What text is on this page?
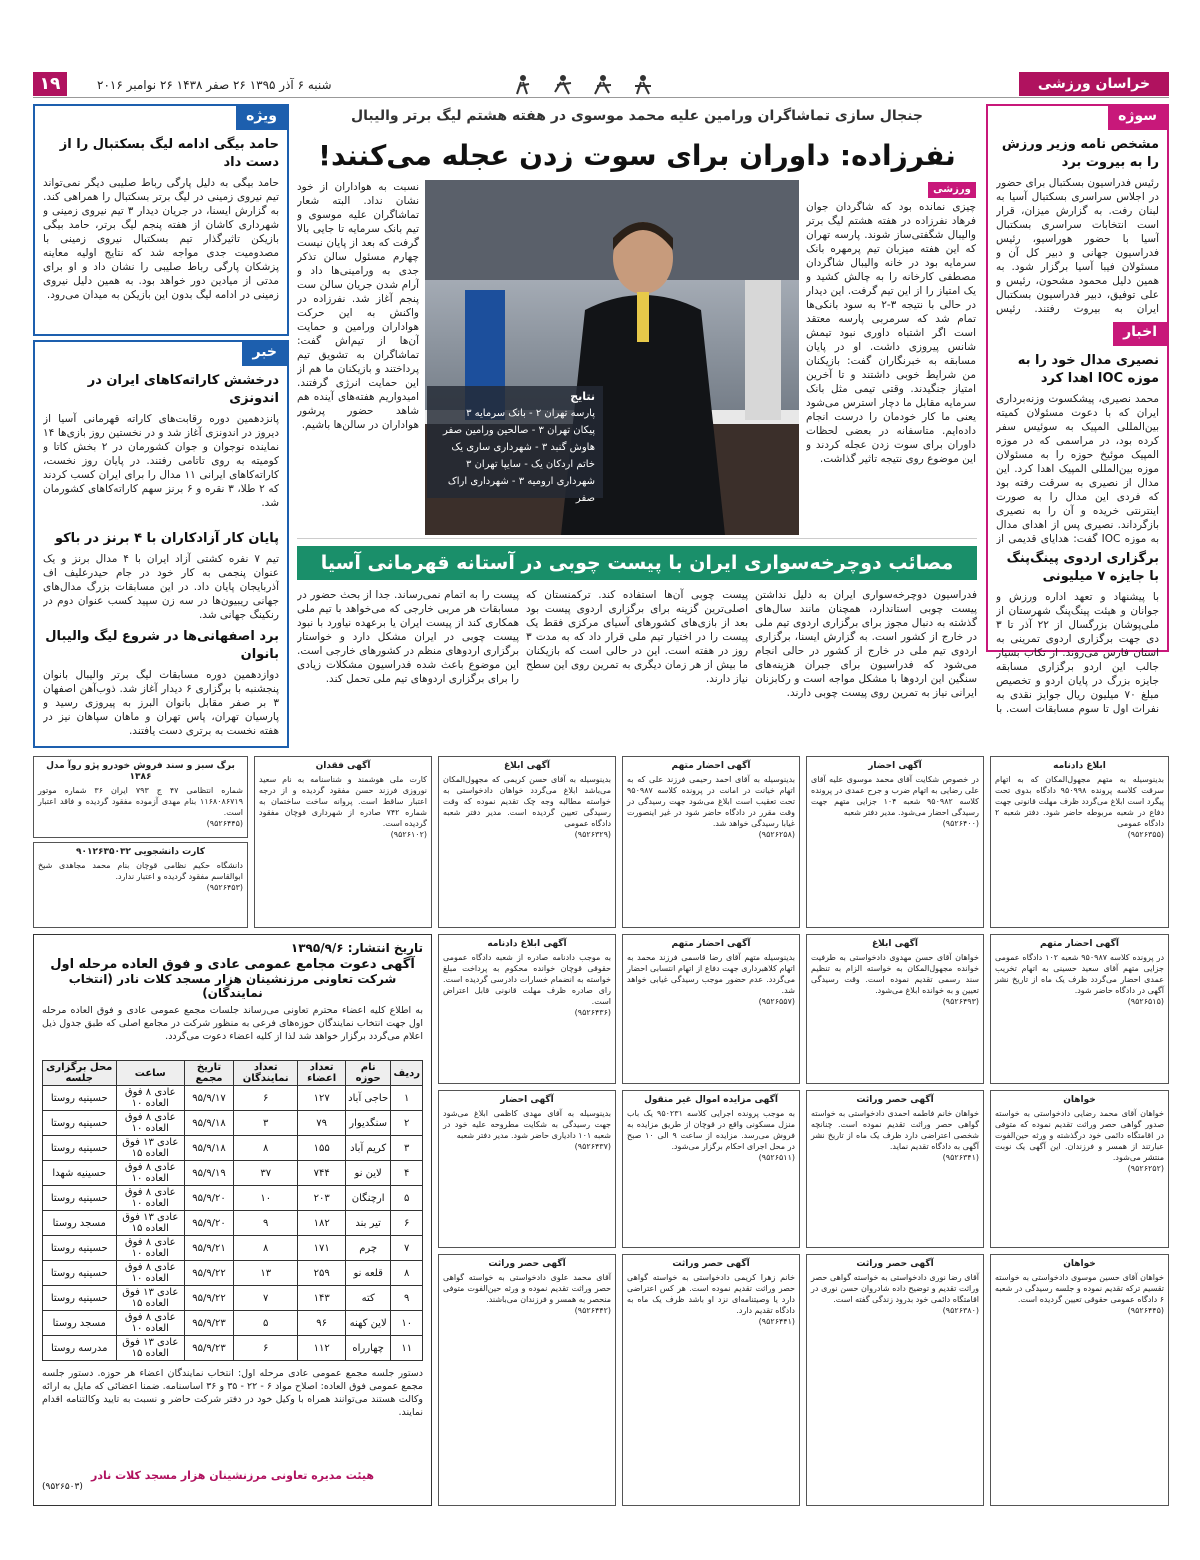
خراسان ورزشی
شنبه ۶ آذر ۱۳۹۵ ۲۶ صفر ۱۴۳۸ ۲۶ نوامبر ۲۰۱۶
۱۹
سوژه
مشخص نامه وزیر ورزش را به بیروت برد
رئیس فدراسیون بسکتبال برای حضور در اجلاس سراسری بسکتبال آسیا به لبنان رفت. به گزارش میزان، قرار است انتخابات سراسری بسکتبال آسیا با حضور هوراسیو، رئیس فدراسیون جهانی و دبیر کل آن و مسئولان فیبا آسیا برگزار شود. به همین دلیل محمود مشحون، رئیس و علی توفیق، دبیر فدراسیون بسکتبال ایران به بیروت رفتند. رئیس
اخبار
نصیری مدال خود را به موزه IOC اهدا کرد
محمد نصیری، پیشکسوت وزنه‌برداری ایران که با دعوت مسئولان کمیته بین‌المللی المپیک به سوئیس سفر کرده بود، در مراسمی که در موزه المپیک موئیخ حوزه را به مسئولان موزه بین‌المللی المپیک اهدا کرد. این مدال از نصیری به سرقت رفته بود که فردی این مدال را به صورت اینترنتی خریده و آن را به نصیری بازگرداند. نصیری پس از اهدای مدال به موزه IOC گفت: هدایای قدیمی از
برگزاری اردوی پینگ‌پنگ با جایزه ۷ میلیونی
با پیشنهاد و تعهد اداره ورزش و جوانان و هیئت پینگ‌پنگ شهرستان از ملی‌پوشان بزرگسال از ۲۲ آذر تا ۳ دی جهت برگزاری اردوی تمرینی به استان فارس می‌روند. از تکاب بسیار جالب این اردو برگزاری مسابقه جایزه بزرگ در پایان اردو و تخصیص مبلغ ۷۰ میلیون ریال جوایز نقدی به نفرات اول تا سوم مسابقات است. با
جنجال سازی تماشاگران ورامین علیه محمد موسوی در هفته هشتم لیگ برتر والیبال
نفرزاده: داوران برای سوت زدن عجله می‌کنند!
ورزشی
چیزی نمانده بود که شاگردان جوان فرهاد نفرزاده در هفته هشتم لیگ برتر والیبال شگفتی‌ساز شوند. پارسه تهران که این هفته میزبان تیم پرمهره بانک سرمایه بود در خانه والیبال شاگردان مصطفی کارخانه را به چالش کشید و یک امتیاز را از این تیم گرفت. این دیدار در حالی با نتیجه ۳-۲ به سود بانکی‌ها تمام شد که سرمربی پارسه معتقد است اگر اشتباه داوری نبود تیمش شانس پیروزی داشت. او در پایان مسابقه به خبرنگاران گفت: بازیکنان من شرایط خوبی داشتند و تا آخرین امتیاز جنگیدند. وقتی تیمی مثل بانک سرمایه مقابل ما دچار استرس می‌شود یعنی ما کار خودمان را درست انجام داده‌ایم. متاسفانه در بعضی لحظات داوران برای سوت زدن عجله کردند و این موضوع روی نتیجه تاثیر گذاشت.
نتایج
پارسه تهران ۲ - بانک سرمایه ۳
پیکان تهران ۳ - صالحین ورامین صفر
هاوش گنبد ۳ - شهرداری ساری یک
خاتم اردکان یک - سایپا تهران ۳
شهرداری ارومیه ۳ - شهرداری اراک صفر
نسبت به هواداران از خود نشان نداد. البته شعار تماشاگران علیه موسوی و تیم بانک سرمایه تا جایی بالا گرفت که بعد از پایان نیست چهارم مسئول سالن تذکر جدی به ورامینی‌ها داد و آرام شدن جریان سالن ست پنجم آغاز شد. نفرزاده در واکنش به این حرکت هواداران ورامین و حمایت آن‌ها از تیم‌اش گفت: تماشاگران به تشویق تیم پرداختند و بازیکنان ما هم از این حمایت انرژی گرفتند. امیدواریم هفته‌های آینده هم شاهد حضور پرشور هواداران در سالن‌ها باشیم.
مصائب دوچرخه‌سواری ایران با پیست چوبی در آستانه قهرمانی آسیا
فدراسیون دوچرخه‌سواری ایران به دلیل نداشتن پیست چوبی استاندارد، همچنان مانند سال‌های گذشته به دنبال مجوز برای برگزاری اردوی تیم ملی در خارج از کشور است. به گزارش ایسنا، برگزاری اردوی تیم ملی در خارج از کشور در حالی انجام می‌شود که فدراسیون برای جبران هزینه‌های سنگین این اردوها با مشکل مواجه است و رکابزنان ایرانی نیاز به تمرین روی پیست چوبی دارند.
پیست چوبی آن‌ها استفاده کند. ترکمنستان که اصلی‌ترین گزینه برای برگزاری اردوی پیست بود بعد از بازی‌های کشورهای آسیای مرکزی فقط یک پیست را در اختیار تیم ملی قرار داد که به مدت ۳ روز در هفته است. این در حالی است که بازیکنان ما بیش از هر زمان دیگری به تمرین روی این سطح نیاز دارند.
پیست را به اتمام نمی‌رساند. جدا از بحث حضور در مسابقات هر مربی خارجی که می‌خواهد با تیم ملی همکاری کند از پیست ایران یا برعهده نیاورد با نبود پیست چوبی در ایران مشکل دارد و خواستار برگزاری اردوهای منظم در کشورهای خارجی است. این موضوع باعث شده فدراسیون مشکلات زیادی را برای برگزاری اردوهای تیم ملی تحمل کند.
ویژه
حامد بیگی ادامه لیگ بسکتبال را از دست داد
حامد بیگی به دلیل پارگی رباط صلیبی دیگر نمی‌تواند تیم نیروی زمینی در لیگ برتر بسکتبال را همراهی کند. به گزارش ایسنا، در جریان دیدار ۳ تیم نیروی زمینی و شهرداری کاشان از هفته پنجم لیگ برتر، حامد بیگی بازیکن تاثیرگذار تیم بسکتبال نیروی زمینی با مصدومیت جدی مواجه شد که نتایج اولیه معاینه پزشکان پارگی رباط صلیبی را نشان داد و او برای مدتی از میادین دور خواهد بود. به همین دلیل نیروی زمینی در ادامه لیگ بدون این بازیکن به میدان می‌رود.
خبر
درخشش کاراته‌کاهای ایران در اندونزی
پانزدهمین دوره رقابت‌های کاراته قهرمانی آسیا از دیروز در اندونزی آغاز شد و در نخستین روز بازی‌ها ۱۴ نماینده نوجوان و جوان کشورمان در ۲ بخش کاتا و کومیته به روی تاتامی رفتند. در پایان روز نخست، کاراته‌کاهای ایرانی ۱۱ مدال را برای ایران کسب کردند که ۲ طلا، ۳ نقره و ۶ برنز سهم کاراته‌کاهای کشورمان شد.
پایان کار آزادکاران با ۴ برنز در باکو
تیم ۷ نفره کشتی آزاد ایران با ۴ مدال برنز و یک عنوان پنجمی به کار خود در جام حیدرعلیف اف آذربایجان پایان داد. در این مسابقات بزرگ مدال‌های جهانی ریبیون‌ها در سه زن سپید کسب عنوان دوم در رنکینگ جهانی شد.
برد اصفهانی‌ها در شروع لیگ والیبال بانوان
دوازدهمین دوره مسابقات لیگ برتر والیبال بانوان پنجشنبه با برگزاری ۶ دیدار آغاز شد. ذوب‌آهن اصفهان ۳ بر صفر مقابل بانوان البرز به پیروزی رسید و پارسیان تهران، پاس تهران و ماهان سپاهان نیز در هفته نخست به برتری دست یافتند.
ابلاغ دادنامه
بدینوسیله به متهم مجهول‌المکان که به اتهام سرقت کلاسه پرونده ۹۵۰۹۹۸ دادگاه بدوی تحت پیگرد است ابلاغ می‌گردد ظرف مهلت قانونی جهت دفاع در شعبه مربوطه حاضر شود. دفتر شعبه ۲ دادگاه عمومی
(۹۵۲۶۳۵۵)
آگهی احضار
در خصوص شکایت آقای محمد موسوی علیه آقای علی رضایی به اتهام ضرب و جرح عمدی در پرونده کلاسه ۹۵۰۹۸۲ شعبه ۱۰۴ جزایی متهم جهت رسیدگی احضار می‌شود. مدیر دفتر شعبه
(۹۵۲۶۴۰۰)
آگهی احضار متهم
بدینوسیله به آقای احمد رحیمی فرزند علی که به اتهام خیانت در امانت در پرونده کلاسه ۹۵۰۹۸۷ تحت تعقیب است ابلاغ می‌شود جهت رسیدگی در وقت مقرر در دادگاه حاضر شود در غیر اینصورت غیابا رسیدگی خواهد شد.
(۹۵۲۶۲۵۸)
آگهی ابلاغ
بدینوسیله به آقای حسن کریمی که مجهول‌المکان می‌باشد ابلاغ می‌گردد خواهان دادخواستی به خواسته مطالبه وجه چک تقدیم نموده که وقت رسیدگی تعیین گردیده است. مدیر دفتر شعبه دادگاه عمومی
(۹۵۲۶۳۲۹)
آگهی فقدان
کارت ملی هوشمند و شناسنامه به نام سعید نوروزی فرزند حسن مفقود گردیده و از درجه اعتبار ساقط است. پروانه ساخت ساختمان به شماره ۷۴۲ صادره از شهرداری قوچان مفقود گردیده است.
(۹۵۲۶۱۰۲)
برگ سبز و سند فروش خودرو پژو روآ مدل ۱۳۸۶
شماره انتظامی ۴۷ ج ۷۹۳ ایران ۳۶ شماره موتور ۱۱۶۸۰۸۶۷۱۹ بنام مهدی آزموده مفقود گردیده و فاقد اعتبار است.
(۹۵۲۶۴۴۵)
کارت دانشجویی ۹۰۱۲۶۳۵۰۳۲
دانشگاه حکیم نظامی قوچان بنام محمد مجاهدی شیخ ابوالقاسم مفقود گردیده و اعتبار ندارد.
(۹۵۲۶۴۵۳)
آگهی احضار متهم
در پرونده کلاسه ۹۵۰۹۸۷ شعبه ۱۰۲ دادگاه عمومی جزایی متهم آقای سعید حسینی به اتهام تخریب عمدی احضار می‌گردد ظرف یک ماه از تاریخ نشر آگهی در دادگاه حاضر شود.
(۹۵۲۶۵۱۵)
آگهی ابلاغ
خواهان آقای حسن مهدوی دادخواستی به طرفیت خوانده مجهول‌المکان به خواسته الزام به تنظیم سند رسمی تقدیم نموده است. وقت رسیدگی تعیین و به خوانده ابلاغ می‌شود.
(۹۵۲۶۴۹۳)
آگهی احضار متهم
بدینوسیله متهم آقای رضا قاسمی فرزند محمد به اتهام کلاهبرداری جهت دفاع از اتهام انتسابی احضار می‌گردد. عدم حضور موجب رسیدگی غیابی خواهد شد.
(۹۵۲۶۵۵۷)
آگهی ابلاغ دادنامه
به موجب دادنامه صادره از شعبه دادگاه عمومی حقوقی قوچان خوانده محکوم به پرداخت مبلغ خواسته به انضمام خسارات دادرسی گردیده است. رای صادره ظرف مهلت قانونی قابل اعتراض است.
(۹۵۲۶۴۳۶)
تاریخ انتشار: ۱۳۹۵/۹/۶
آگهی دعوت مجامع عمومی عادی و فوق العاده مرحله اول
شرکت تعاونی مرزنشینان هزار مسجد کلات نادر (انتخاب نمایندگان)
به اطلاع کلیه اعضاء محترم تعاونی می‌رساند جلسات مجمع عمومی عادی و فوق العاده مرحله اول جهت انتخاب نمایندگان حوزه‌های فرعی به منظور شرکت در مجامع اصلی که طبق جدول ذیل اعلام می‌گردد برگزار خواهد شد لذا از کلیه اعضاء دعوت می‌گردد.
ردیف	نام حوزه	تعداد اعضاء	تعداد نمایندگان	تاریخ مجمع	ساعت	محل برگزاری جلسه
۱	حاجی آباد	۱۲۷	۶	۹۵/۹/۱۷	عادی ۸ فوق العاده ۱۰	حسینیه روستا
۲	سنگدیوار	۷۹	۳	۹۵/۹/۱۸	عادی ۸ فوق العاده ۱۰	حسینیه روستا
۳	کریم آباد	۱۵۵	۸	۹۵/۹/۱۸	عادی ۱۳ فوق العاده ۱۵	حسینیه روستا
۴	لاین نو	۷۴۴	۳۷	۹۵/۹/۱۹	عادی ۸ فوق العاده ۱۰	حسینیه شهدا
۵	ارچنگان	۲۰۳	۱۰	۹۵/۹/۲۰	عادی ۸ فوق العاده ۱۰	حسینیه روستا
۶	تیر بند	۱۸۲	۹	۹۵/۹/۲۰	عادی ۱۳ فوق العاده ۱۵	مسجد روستا
۷	چرم	۱۷۱	۸	۹۵/۹/۲۱	عادی ۸ فوق العاده ۱۰	حسینیه روستا
۸	قلعه نو	۲۵۹	۱۳	۹۵/۹/۲۲	عادی ۸ فوق العاده ۱۰	حسینیه روستا
۹	کته	۱۴۳	۷	۹۵/۹/۲۲	عادی ۱۳ فوق العاده ۱۵	حسینیه روستا
۱۰	لاین کهنه	۹۶	۵	۹۵/۹/۲۳	عادی ۸ فوق العاده ۱۰	مسجد روستا
۱۱	چهارراه	۱۱۲	۶	۹۵/۹/۲۳	عادی ۱۳ فوق العاده ۱۵	مدرسه روستا
دستور جلسه مجمع عمومی عادی مرحله اول: انتخاب نمایندگان اعضاء هر حوزه. دستور جلسه مجمع عمومی فوق العاده: اصلاح مواد ۶ - ۲۲ - ۳۵ و ۳۶ اساسنامه. ضمنا اعضائی که مایل به ارائه وکالت هستند می‌توانند همراه با وکیل خود در دفتر شرکت حاضر و نسبت به تایید وکالتنامه اقدام نمایند.
هیئت مدیره تعاونی مرزنشینان هزار مسجد کلات نادر
(۹۵۲۶۵۰۳)
خواهان
خواهان آقای محمد رضایی دادخواستی به خواسته صدور گواهی حصر وراثت تقدیم نموده که متوفی در اقامتگاه دائمی خود درگذشته و ورثه حین‌الفوت عبارتند از همسر و فرزندان. این آگهی یک نوبت منتشر می‌شود.
(۹۵۲۶۲۵۲)
آگهی حصر وراثت
خواهان خانم فاطمه احمدی دادخواستی به خواسته گواهی حصر وراثت تقدیم نموده است. چنانچه شخصی اعتراضی دارد ظرف یک ماه از تاریخ نشر آگهی به دادگاه تقدیم نماید.
(۹۵۲۶۳۴۱)
آگهی مزایده اموال غیر منقول
به موجب پرونده اجرایی کلاسه ۹۵۰۲۳۱ یک باب منزل مسکونی واقع در قوچان از طریق مزایده به فروش می‌رسد. مزایده از ساعت ۹ الی ۱۰ صبح در محل اجرای احکام برگزار می‌شود.
(۹۵۲۶۵۱۱)
آگهی احضار
بدینوسیله به آقای مهدی کاظمی ابلاغ می‌شود جهت رسیدگی به شکایت مطروحه علیه خود در شعبه ۱۰۱ دادیاری حاضر شود. مدیر دفتر شعبه
(۹۵۲۶۴۳۷)
خواهان
خواهان آقای حسین موسوی دادخواستی به خواسته تقسیم ترکه تقدیم نموده و جلسه رسیدگی در شعبه ۶ دادگاه عمومی حقوقی تعیین گردیده است.
(۹۵۲۶۴۴۵)
آگهی حصر وراثت
آقای رضا نوری دادخواستی به خواسته گواهی حصر وراثت تقدیم و توضیح داده شادروان حسن نوری در اقامتگاه دائمی خود بدرود زندگی گفته است.
(۹۵۲۶۳۸۰)
آگهی حصر وراثت
خانم زهرا کریمی دادخواستی به خواسته گواهی حصر وراثت تقدیم نموده است. هر کس اعتراضی دارد یا وصیتنامه‌ای نزد او باشد ظرف یک ماه به دادگاه تقدیم دارد.
(۹۵۲۶۴۴۱)
آگهی حصر وراثت
آقای محمد علوی دادخواستی به خواسته گواهی حصر وراثت تقدیم نموده و ورثه حین‌الفوت متوفی منحصر به همسر و فرزندان می‌باشند.
(۹۵۲۶۴۴۲)
